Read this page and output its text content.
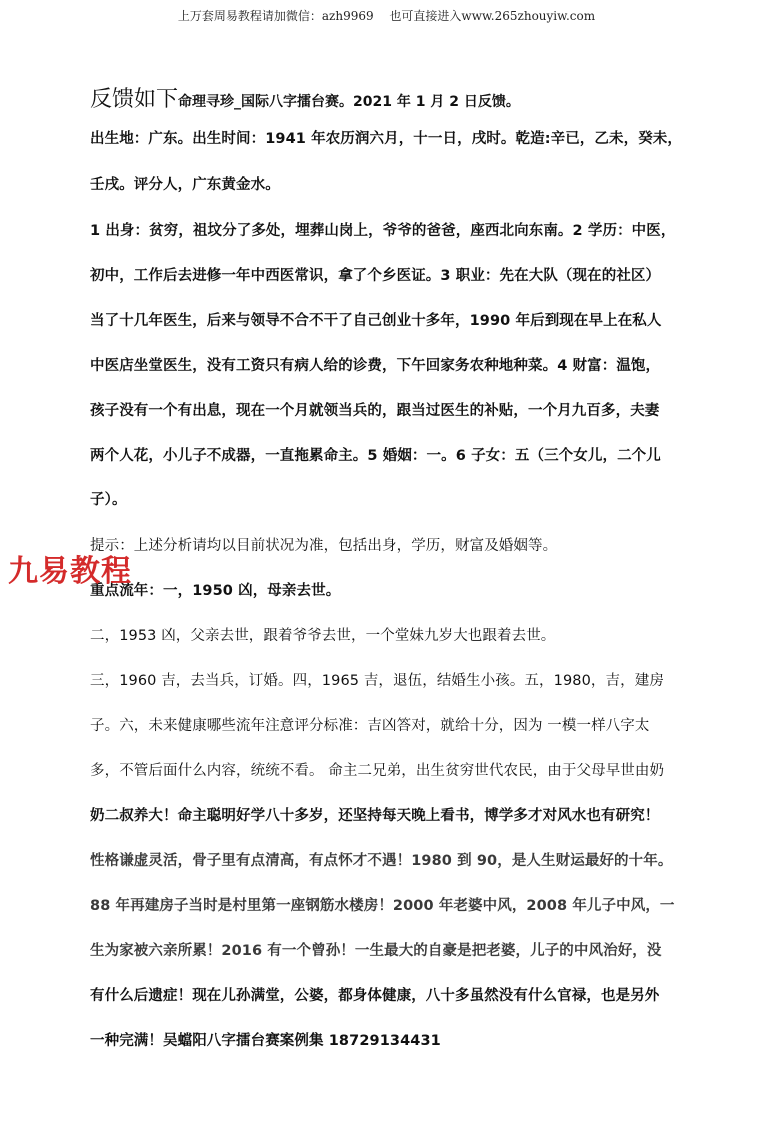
上万套周易教程请加微信：azh9969　 也可直接进入www.265zhouyiw.com
反馈如下命理寻珍_国际八字擂台赛。2021 年 1 月 2 日反馈。
出生地：广东。出生时间：1941 年农历润六月，十一日，戌时。乾造:辛已，乙未，癸未，
壬戌。评分人，广东黄金水。
1 出身：贫穷，祖坟分了多处，埋葬山岗上，爷爷的爸爸，座西北向东南。2 学历：中医，
初中，工作后去进修一年中西医常识，拿了个乡医证。3 职业：先在大队（现在的社区）
当了十几年医生，后来与领导不合不干了自己创业十多年，1990 年后到现在早上在私人
中医店坐堂医生，没有工资只有病人给的诊费，下午回家务农种地种菜。4 财富：温饱，
孩子没有一个有出息，现在一个月就领当兵的，跟当过医生的补贴，一个月九百多，夫妻
两个人花，小儿子不成器，一直拖累命主。5 婚姻：一。6 子女：五（三个女儿，二个儿
子）。
提示：上述分析请均以目前状况为准，包括出身，学历，财富及婚姻等。
重点流年：一，1950 凶，母亲去世。
二，1953 凶，父亲去世，跟着爷爷去世，一个堂妹九岁大也跟着去世。
三，1960 吉，去当兵，订婚。四，1965 吉，退伍，结婚生小孩。五，1980，吉，建房
子。六，未来健康哪些流年注意评分标准：吉凶答对，就给十分，因为 一模一样八字太
多，不管后面什么内容，统统不看。 命主二兄弟，出生贫穷世代农民，由于父母早世由奶
奶二叔养大！命主聪明好学八十多岁，还坚持每天晚上看书，博学多才对风水也有研究！
性格谦虚灵活，骨子里有点清高，有点怀才不遇！1980 到 90，是人生财运最好的十年。
88 年再建房子当时是村里第一座钢筋水楼房！2000 年老婆中风，2008 年儿子中风，一
生为家被六亲所累！2016 有一个曾孙！一生最大的自豪是把老婆，儿子的中风治好，没
有什么后遗症！现在儿孙满堂，公婆，都身体健康，八十多虽然没有什么官禄，也是另外
一种完满！吴蟷阳八字擂台赛案例集 18729134431
九易教程
